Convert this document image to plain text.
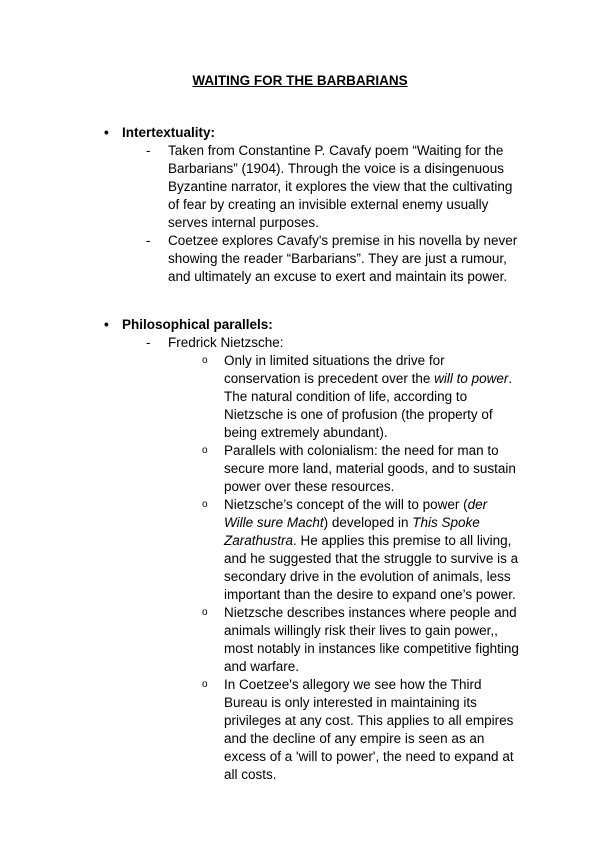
WAITING FOR THE BARBARIANS
• Intertextuality:
- Taken from Constantine P. Cavafy poem “Waiting for the Barbarians” (1904). Through the voice is a disingenuous Byzantine narrator, it explores the view that the cultivating of fear by creating an invisible external enemy usually serves internal purposes.
- Coetzee explores Cavafy's premise in his novella by never showing the reader “Barbarians”. They are just a rumour, and ultimately an excuse to exert and maintain its power.
• Philosophical parallels:
- Fredrick Nietzsche:
o Only in limited situations the drive for conservation is precedent over the will to power. The natural condition of life, according to Nietzsche is one of profusion (the property of being extremely abundant).
o Parallels with colonialism: the need for man to secure more land, material goods, and to sustain power over these resources.
o Nietzsche’s concept of the will to power (der Wille sure Macht) developed in This Spoke Zarathustra. He applies this premise to all living, and he suggested that the struggle to survive is a secondary drive in the evolution of animals, less important than the desire to expand one’s power.
o Nietzsche describes instances where people and animals willingly risk their lives to gain power,, most notably in instances like competitive fighting and warfare.
o In Coetzee's allegory we see how the Third Bureau is only interested in maintaining its privileges at any cost. This applies to all empires and the decline of any empire is seen as an excess of a 'will to power', the need to expand at all costs.
